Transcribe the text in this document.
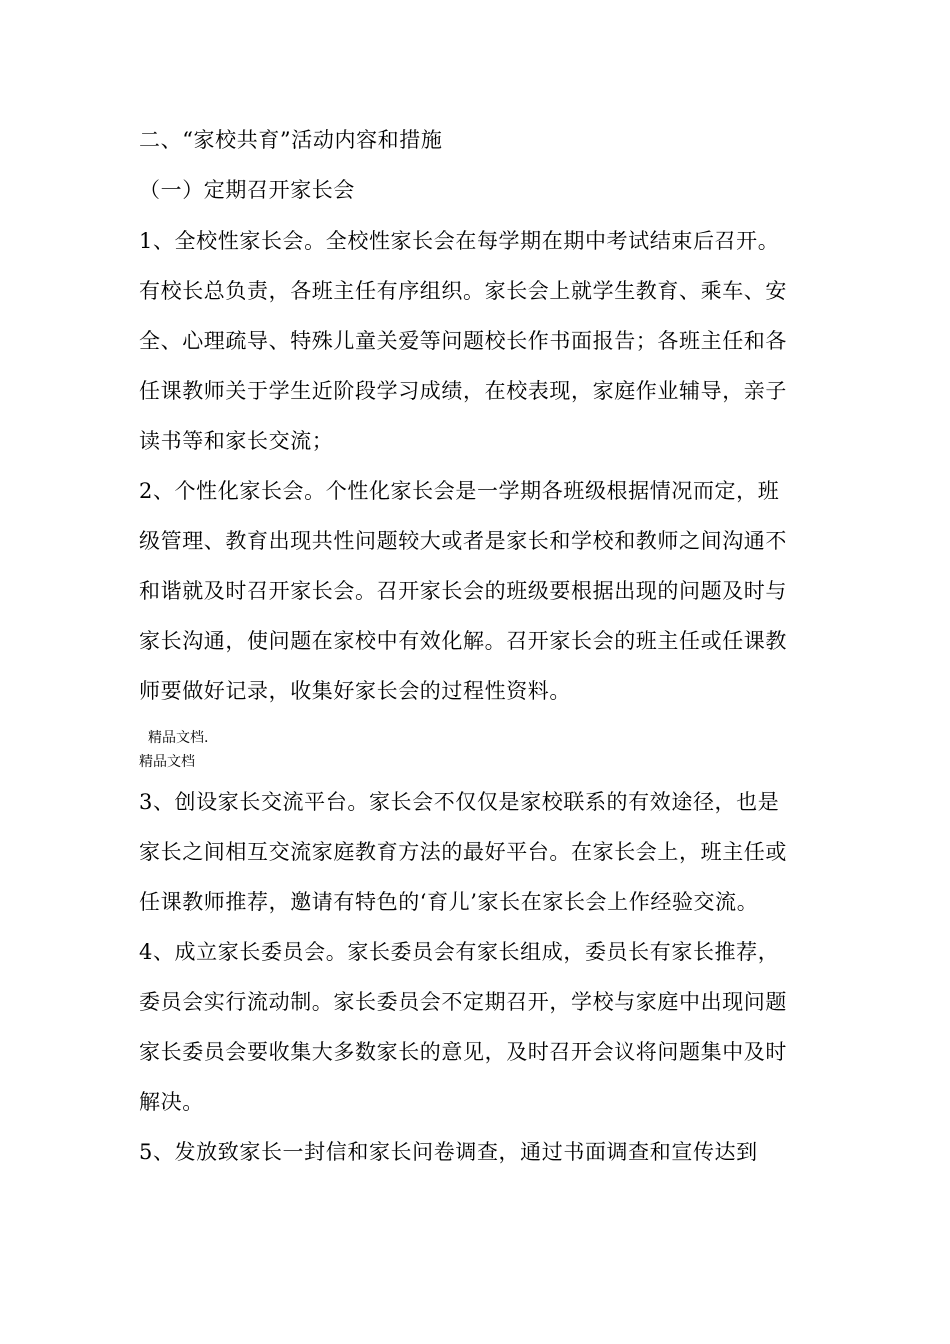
二、“家校共育”活动内容和措施
（一）定期召开家长会
1、全校性家长会。全校性家长会在每学期在期中考试结束后召开。
有校长总负责，各班主任有序组织。家长会上就学生教育、乘车、安
全、心理疏导、特殊儿童关爱等问题校长作书面报告；各班主任和各
任课教师关于学生近阶段学习成绩，在校表现，家庭作业辅导，亲子
读书等和家长交流；
2、个性化家长会。个性化家长会是一学期各班级根据情况而定，班
级管理、教育出现共性问题较大或者是家长和学校和教师之间沟通不
和谐就及时召开家长会。召开家长会的班级要根据出现的问题及时与
家长沟通，使问题在家校中有效化解。召开家长会的班主任或任课教
师要做好记录，收集好家长会的过程性资料。
精品文档.
精品文档
3、创设家长交流平台。家长会不仅仅是家校联系的有效途径，也是
家长之间相互交流家庭教育方法的最好平台。在家长会上，班主任或
任课教师推荐，邀请有特色的‘育儿’家长在家长会上作经验交流。
4、成立家长委员会。家长委员会有家长组成，委员长有家长推荐，
委员会实行流动制。家长委员会不定期召开，学校与家庭中出现问题
家长委员会要收集大多数家长的意见，及时召开会议将问题集中及时
解决。
5、发放致家长一封信和家长问卷调查，通过书面调查和宣传达到
